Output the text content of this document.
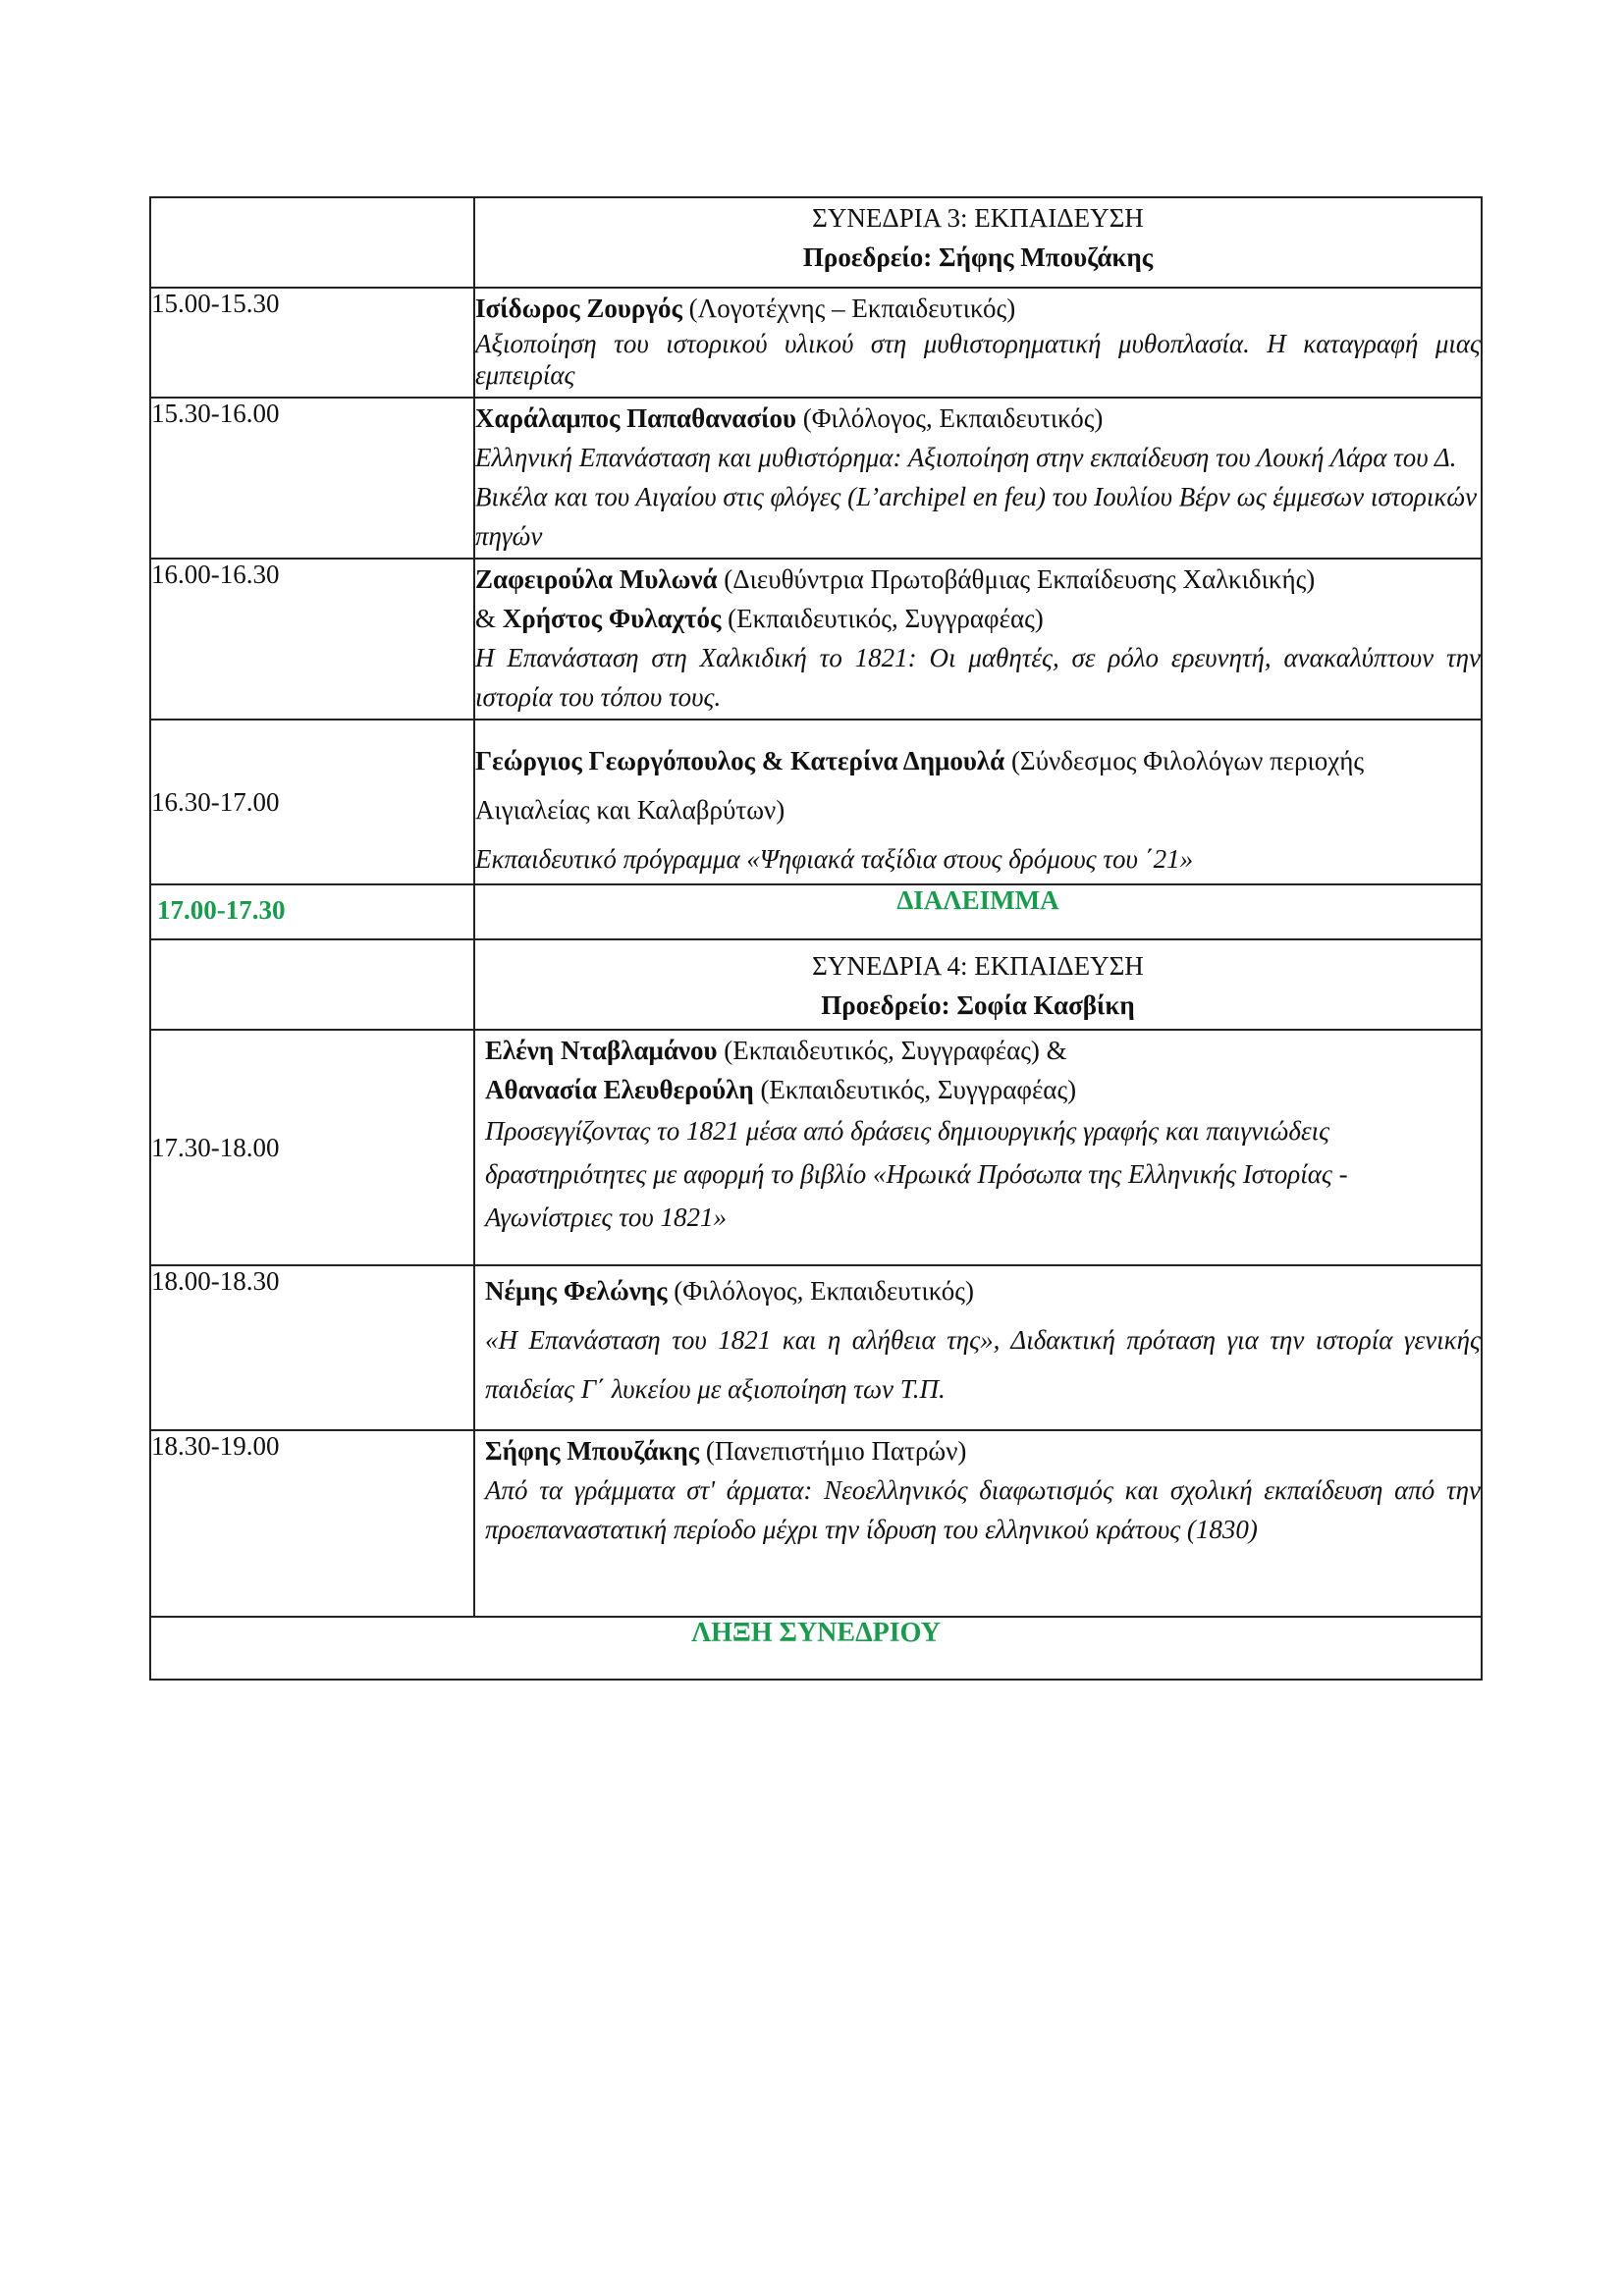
	ΣΥΝΕΔΡΙΑ 3: ΕΚΠΑΙΔΕΥΣΗ
Προεδρείο: Σήφης Μπουζάκης

15.00-15.30	Ισίδωρος Ζουργός (Λογοτέχνης – Εκπαιδευτικός)

Αξιοποίηση του ιστορικού υλικού στη μυθιστορηματική μυθοπλασία. Η καταγραφή μιας εμπειρίας

15.30-16.00	Χαράλαμπος Παπαθανασίου (Φιλόλογος, Εκπαιδευτικός)

Ελληνική Επανάσταση και μυθιστόρημα: Αξιοποίηση στην εκπαίδευση του Λουκή Λάρα του Δ. Βικέλα και του Αιγαίου στις φλόγες (L’archipel en feu) του Ιουλίου Βέρν ως έμμεσων ιστορικών πηγών

16.00-16.30	Ζαφειρούλα Μυλωνά (Διευθύντρια Πρωτοβάθμιας Εκπαίδευσης Χαλκιδικής)

& Χρήστος Φυλαχτός (Εκπαιδευτικός, Συγγραφέας)

Η Επανάσταση στη Χαλκιδική το 1821: Οι μαθητές, σε ρόλο ερευνητή, ανακαλύπτουν την ιστορία του τόπου τους.

16.30-17.00	Γεώργιος Γεωργόπουλος & Κατερίνα Δημουλά (Σύνδεσμος Φιλολόγων περιοχής Αιγιαλείας και Καλαβρύτων)

Εκπαιδευτικό πρόγραμμα «Ψηφιακά ταξίδια στους δρόμους του ΄21»

17.00-17.30	ΔΙΑΛΕΙΜΜΑ

	ΣΥΝΕΔΡΙΑ 4: ΕΚΠΑΙΔΕΥΣΗ
Προεδρείο: Σοφία Κασβίκη

17.30-18.00	Ελένη Νταβλαμάνου (Εκπαιδευτικός, Συγγραφέας) &

Αθανασία Ελευθερούλη (Εκπαιδευτικός, Συγγραφέας)

Προσεγγίζοντας το 1821 μέσα από δράσεις δημιουργικής γραφής και παιγνιώδεις δραστηριότητες με αφορμή το βιβλίο «Ηρωικά Πρόσωπα της Ελληνικής Ιστορίας - Αγωνίστριες του 1821»

18.00-18.30	Νέμης Φελώνης (Φιλόλογος, Εκπαιδευτικός)

«Η Επανάσταση του 1821 και η αλήθεια της», Διδακτική πρόταση για την ιστορία γενικής παιδείας Γ΄ λυκείου με αξιοποίηση των Τ.Π.

18.30-19.00	Σήφης Μπουζάκης (Πανεπιστήμιο Πατρών)

Από τα γράμματα στ' άρματα: Νεοελληνικός διαφωτισμός και σχολική εκπαίδευση από την προεπαναστατική περίοδο μέχρι την ίδρυση του ελληνικού κράτους (1830)

ΛΗΞΗ ΣΥΝΕΔΡΙΟΥ	
